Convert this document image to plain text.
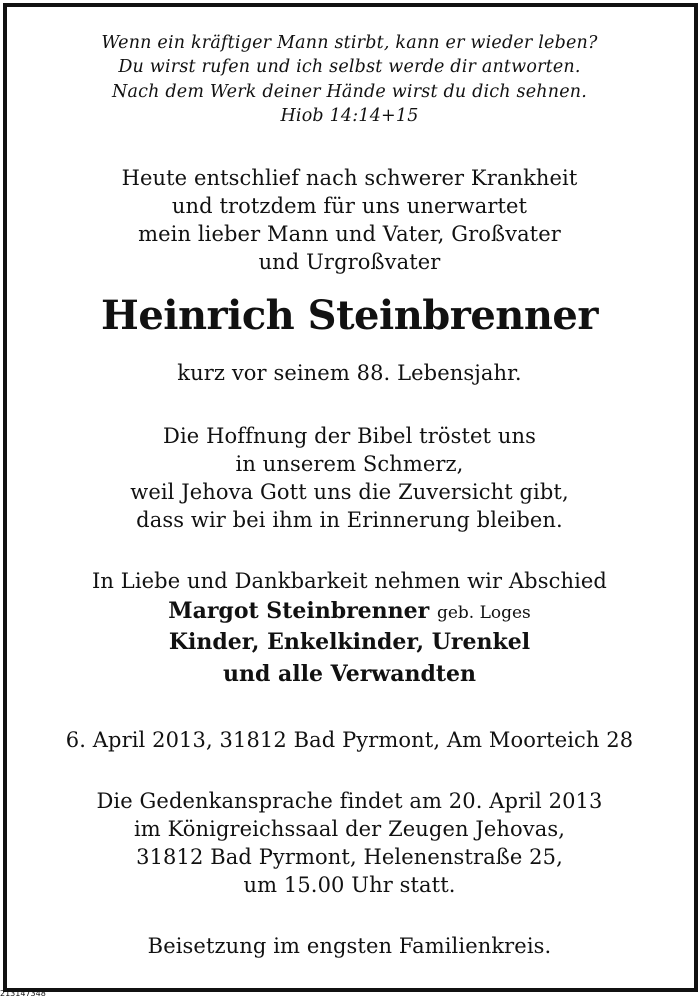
Wenn ein kräftiger Mann stirbt, kann er wieder leben?
Du wirst rufen und ich selbst werde dir antworten.
Nach dem Werk deiner Hände wirst du dich sehnen.
Hiob 14:14+15
Heute entschlief nach schwerer Krankheit
und trotzdem für uns unerwartet
mein lieber Mann und Vater, Großvater
und Urgroßvater
Heinrich Steinbrenner
kurz vor seinem 88. Lebensjahr.
Die Hoffnung der Bibel tröstet uns
in unserem Schmerz,
weil Jehova Gott uns die Zuversicht gibt,
dass wir bei ihm in Erinnerung bleiben.
In Liebe und Dankbarkeit nehmen wir Abschied
Margot Steinbrenner geb. Loges
Kinder, Enkelkinder, Urenkel
und alle Verwandten
6. April 2013, 31812 Bad Pyrmont, Am Moorteich 28
Die Gedenkansprache findet am 20. April 2013
im Königreichssaal der Zeugen Jehovas,
31812 Bad Pyrmont, Helenenstraße 25,
um 15.00 Uhr statt.
Beisetzung im engsten Familienkreis.
213147348
